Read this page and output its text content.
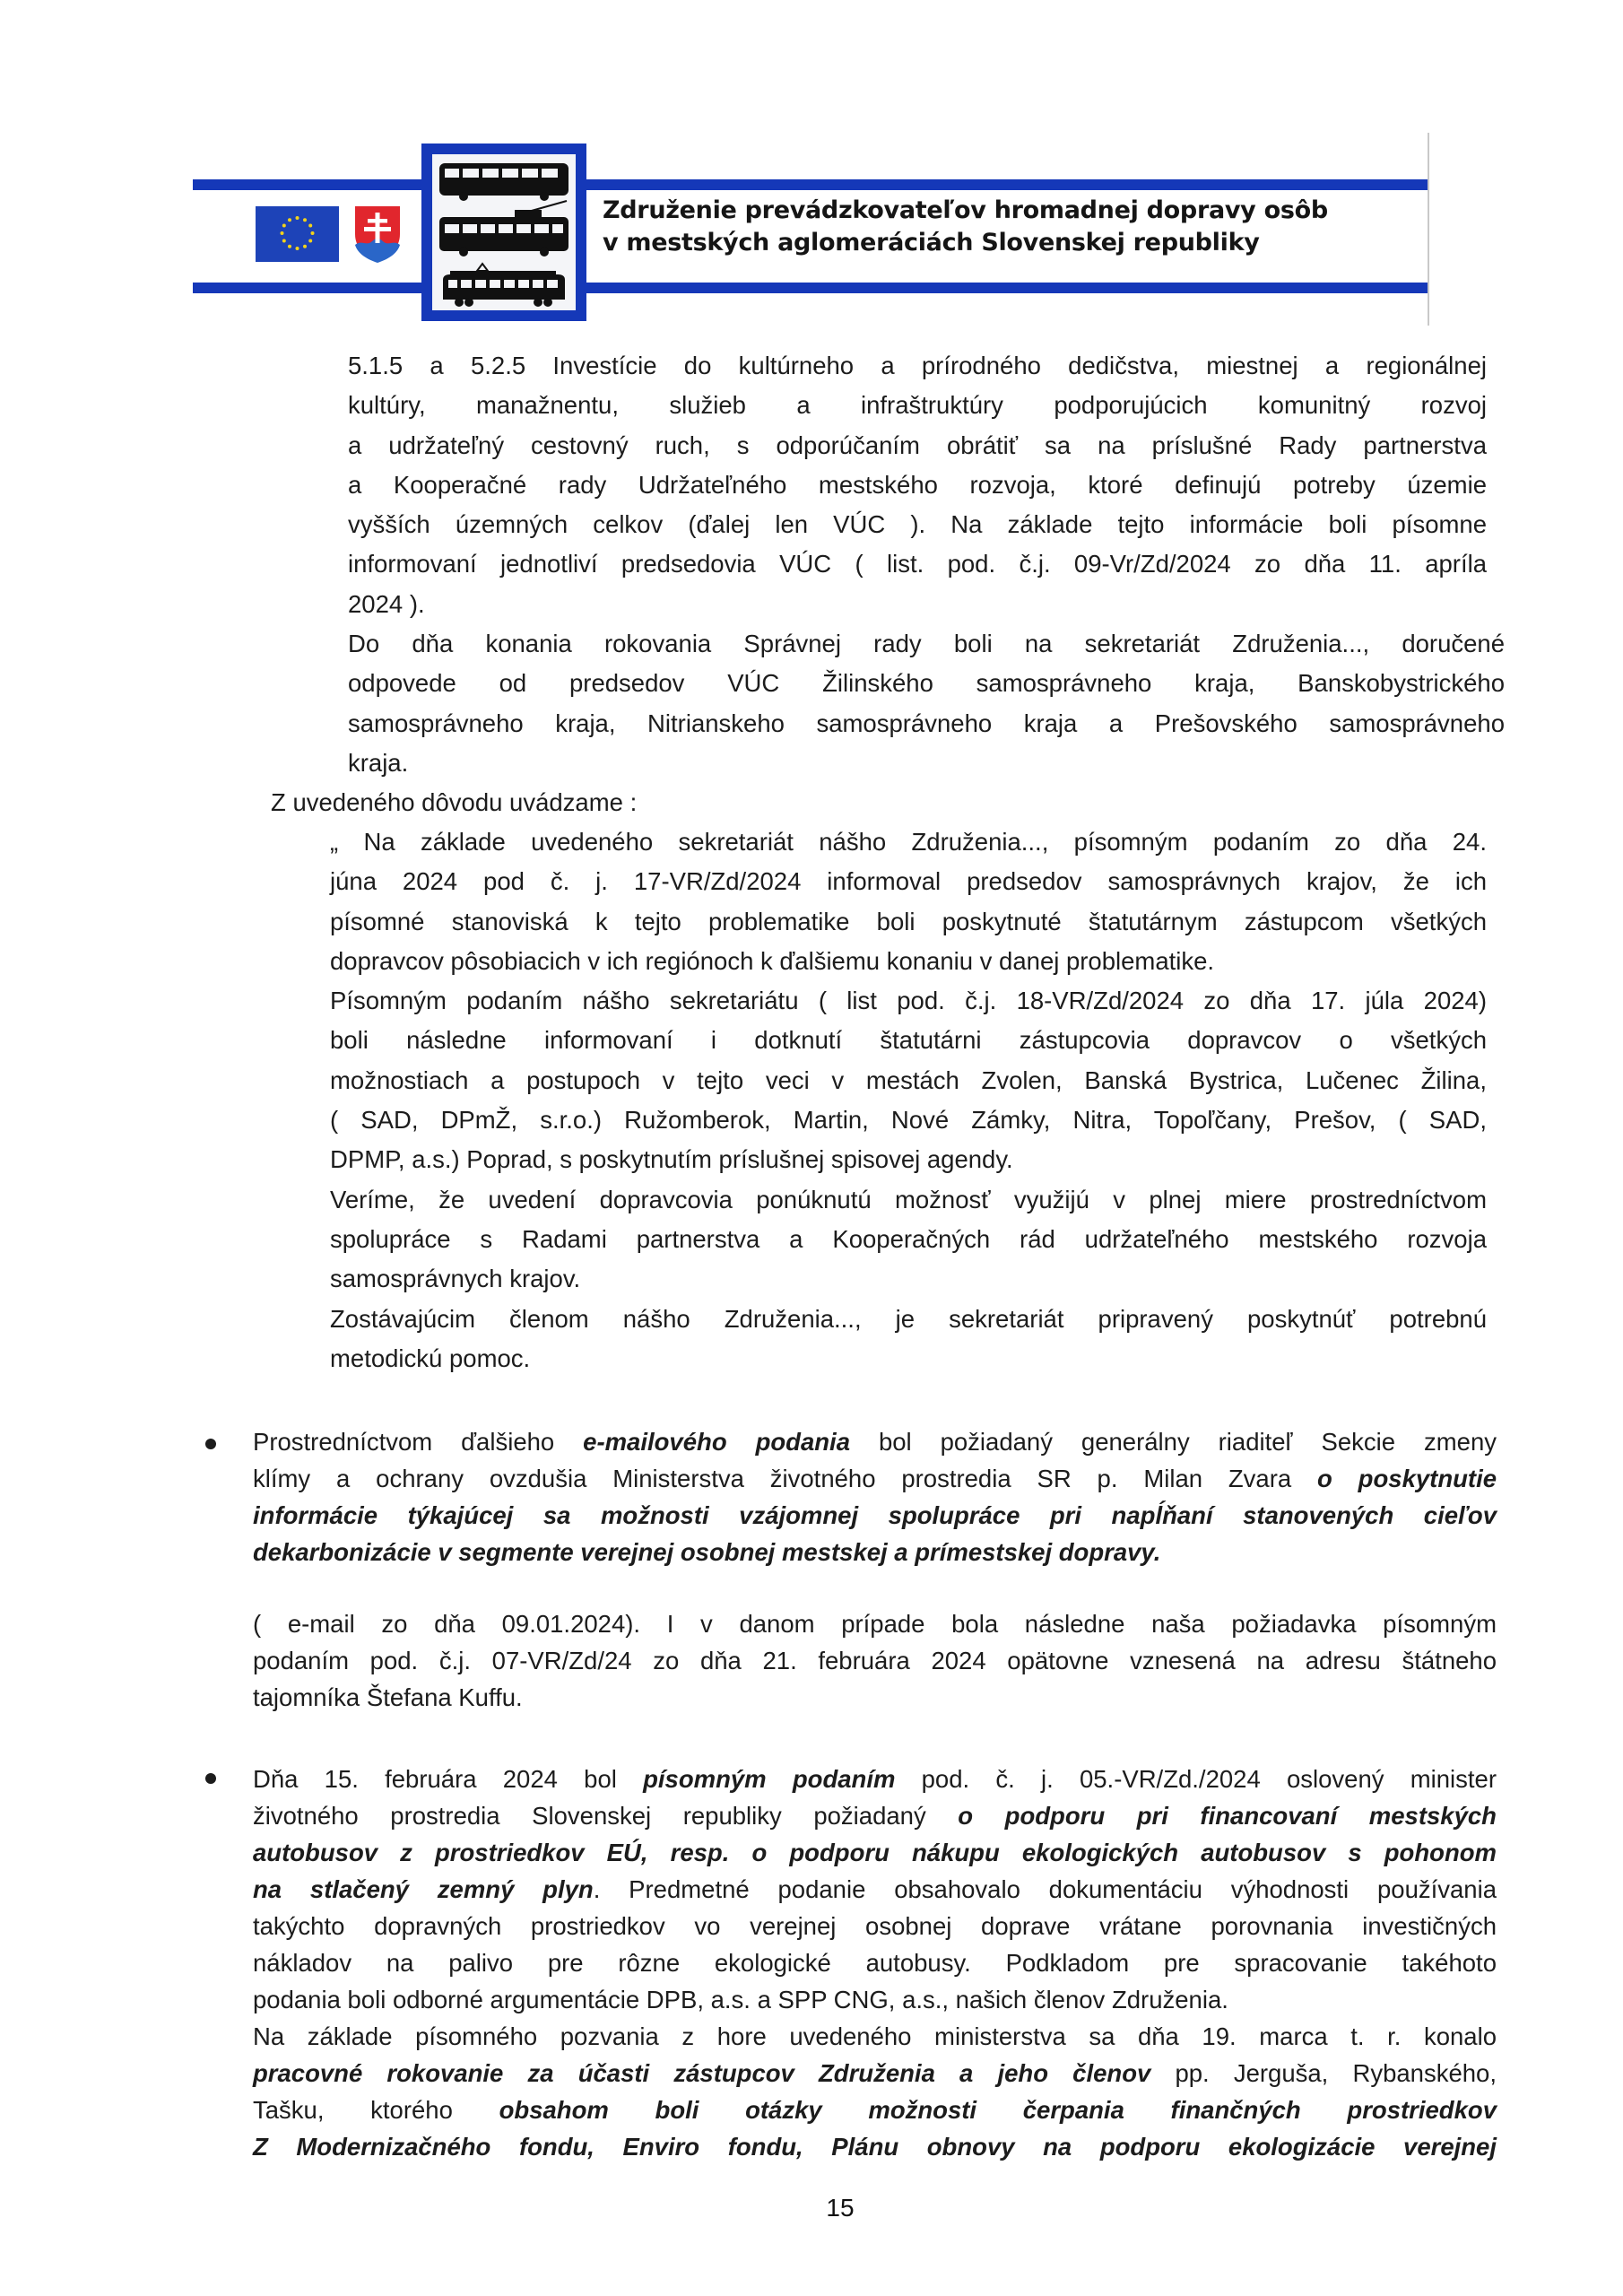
Združenie prevádzkovateľov hromadnej dopravy osôb
v mestských aglomeráciách Slovenskej republiky
5.1.5 a 5.2.5 Investície do kultúrneho a prírodného dedičstva, miestnej a regionálnej
kultúry, manažnentu, služieb a infraštruktúry podporujúcich komunitný rozvoj
a udržateľný cestovný ruch, s odporúčaním obrátiť sa na príslušné Rady partnerstva
a Kooperačné rady Udržateľného mestského rozvoja, ktoré definujú potreby územie
vyšších územných celkov (ďalej len VÚC ). Na základe tejto informácie boli písomne
informovaní jednotliví predsedovia VÚC ( list. pod. č.j. 09-Vr/Zd/2024 zo dňa 11. apríla
2024 ).
Do dňa konania rokovania Správnej rady boli na sekretariát Združenia..., doručené
odpovede od predsedov VÚC Žilinského samosprávneho kraja, Banskobystrického
samosprávneho kraja, Nitrianskeho samosprávneho kraja a Prešovského samosprávneho
kraja.
Z uvedeného dôvodu uvádzame :
„ Na základe uvedeného sekretariát nášho Združenia..., písomným podaním zo dňa 24.
júna 2024 pod č. j. 17-VR/Zd/2024 informoval predsedov samosprávnych krajov, že ich
písomné stanoviská k tejto problematike boli poskytnuté štatutárnym zástupcom všetkých
dopravcov pôsobiacich v ich regiónoch k ďalšiemu konaniu v danej problematike.
Písomným podaním nášho sekretariátu ( list pod. č.j. 18-VR/Zd/2024 zo dňa 17. júla 2024)
boli následne informovaní i dotknutí štatutárni zástupcovia dopravcov o všetkých
možnostiach a postupoch v tejto veci v mestách Zvolen, Banská Bystrica, Lučenec Žilina,
( SAD, DPmŽ, s.r.o.) Ružomberok, Martin, Nové Zámky, Nitra, Topoľčany, Prešov, ( SAD,
DPMP, a.s.) Poprad, s poskytnutím príslušnej spisovej agendy.
Veríme, že uvedení dopravcovia ponúknutú možnosť využijú v plnej miere prostredníctvom
spolupráce s Radami partnerstva a Kooperačných rád udržateľného mestského rozvoja
samosprávnych krajov.
Zostávajúcim členom nášho Združenia..., je sekretariát pripravený poskytnúť potrebnú
metodickú pomoc.
Prostredníctvom ďalšieho e-mailového podania bol požiadaný generálny riaditeľ Sekcie zmeny
klímy a ochrany ovzdušia Ministerstva životného prostredia SR p. Milan Zvara o poskytnutie
informácie týkajúcej sa možnosti vzájomnej spolupráce pri napĺňaní stanovených cieľov
dekarbonizácie v segmente verejnej osobnej mestskej a prímestskej dopravy.
( e-mail zo dňa 09.01.2024). I v danom prípade bola následne naša požiadavka písomným
podaním pod. č.j. 07-VR/Zd/24 zo dňa 21. februára 2024 opätovne vznesená na adresu štátneho
tajomníka Štefana Kuffu.
Dňa 15. februára 2024 bol písomným podaním pod. č. j. 05.-VR/Zd./2024 oslovený minister
životného prostredia Slovenskej republiky požiadaný o podporu pri financovaní mestských
autobusov z prostriedkov EÚ, resp. o podporu nákupu ekologických autobusov s pohonom
na stlačený zemný plyn. Predmetné podanie obsahovalo dokumentáciu výhodnosti používania
takýchto dopravných prostriedkov vo verejnej osobnej doprave vrátane porovnania investičných
nákladov na palivo pre rôzne ekologické autobusy. Podkladom pre spracovanie takéhoto
podania boli odborné argumentácie DPB, a.s. a SPP CNG, a.s., našich členov Združenia.
Na základe písomného pozvania z hore uvedeného ministerstva sa dňa 19. marca t. r. konalo
pracovné rokovanie za účasti zástupcov Združenia a jeho členov pp. Jerguša, Rybanského,
Tašku, ktorého obsahom boli otázky možnosti čerpania finančných prostriedkov
Z Modernizačného fondu, Enviro fondu, Plánu obnovy na podporu ekologizácie verejnej
15
